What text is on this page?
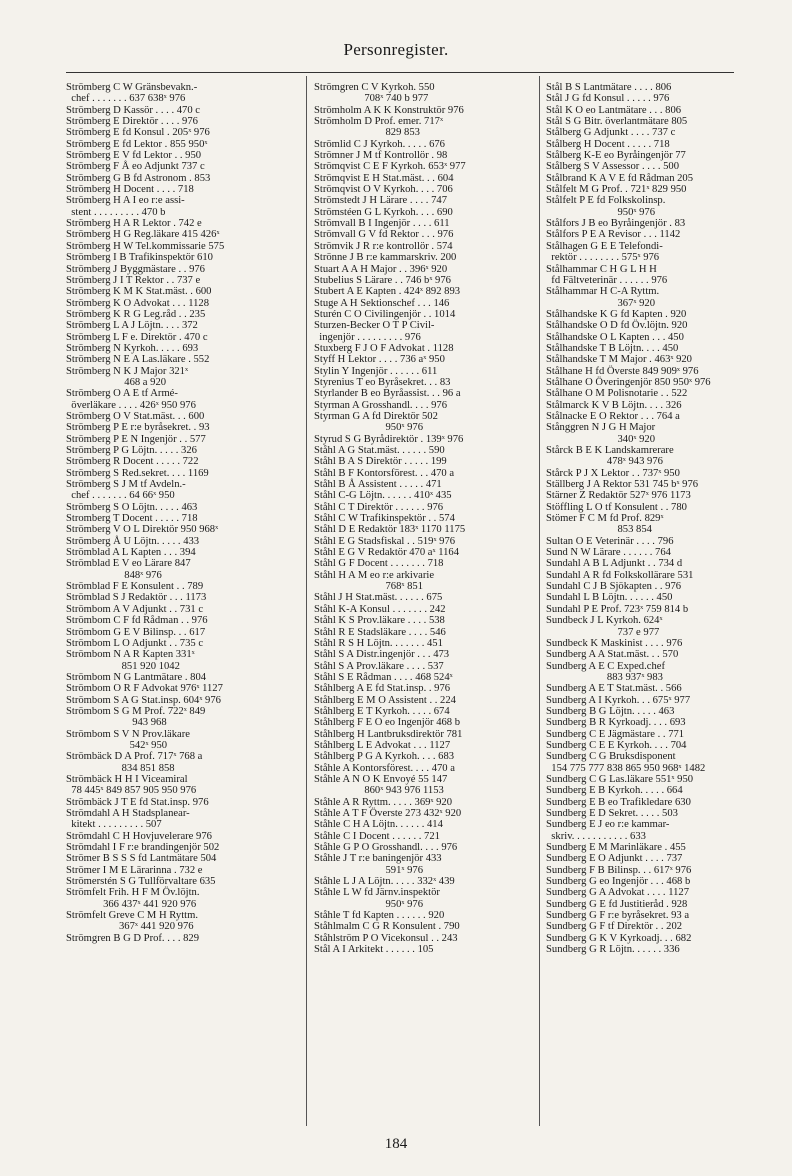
Personregister.
Strömberg C W Gränsbevakn.-
chef . . . . . . . 637 638ˣ 976
Strömberg D Kassör . . . . 470 c
Strömberg E Direktör . . . . 976
Strömberg E fd Konsul . 205ˣ 976
Strömberg E fd Lektor . 855 950ˣ
Strömberg E V fd Lektor . . 950
Strömberg F Å eo Adjunkt 737 c
Strömberg G B fd Astronom . 853
Strömberg H Docent . . . . 718
Strömberg H A I eo r:e assi-
stent . . . . . . . . . 470 b
Strömberg H A R Lektor . 742 e
Strömberg H G Reg.läkare 415 426ˣ
Strömberg H W Tel.kommissarie 575
Strömberg I B Trafikinspektör 610
Strömberg J Byggmästare . . 976
Strömberg J I T Rektor . . 737 e
Strömberg K M K Stat.mäst. . 600
Strömberg K O Advokat . . . 1128
Strömberg K R G Leg.råd . . 235
Strömberg L A J Löjtn. . . . 372
Strömberg L F e. Direktör . 470 c
Strömberg N Kyrkoh. . . . . 693
Strömberg N E A Las.läkare . 552
Strömberg N K J Major 321ˣ
468 a 920
Strömberg O A E tf Armé-
överläkare . . . . 426ˣ 950 976
Strömberg O V Stat.mäst. . . 600
Strömberg P E r:e byråsekret. . 93
Strömberg P E N Ingenjör . . 577
Strömberg P G Löjtn. . . . . 326
Strömberg R Docent . . . . . 722
Strömberg S Red.sekret. . . . 1169
Strömberg S J M tf Avdeln.-
chef . . . . . . . 64 66ˣ 950
Strömberg S O Löjtn. . . . . 463
Stromberg T Docent . . . . . 718
Strömberg V O L Direktör 950 968ˣ
Strömberg Å U Löjtn. . . . . 433
Strömblad A L Kapten . . . 394
Strömblad E V eo Lärare 847
848ˣ 976
Strömblad F E Konsulent . . 789
Strömblad S J Redaktör . . . 1173
Strömbom A V Adjunkt . . 731 c
Strömbom C F fd Rådman . . 976
Strömbom G E V Bilinsp. . . 617
Strömbom L O Adjunkt . . 735 c
Strömbom N A R Kapten 331ˣ
851 920 1042
Strömbom N G Lantmätare . 804
Strömbom O R F Advokat 976ˣ 1127
Strömbom S A G Stat.insp. 604ˣ 976
Strömbom S G M Prof. 722ˣ 849
943 968
Strömbom S V N Prov.läkare
542ˣ 950
Strömbäck D A Prof. 717ˣ 768 a
834 851 858
Strömbäck H H I Viceamiral
78 445ˣ 849 857 905 950 976
Strömbäck J T E fd Stat.insp. 976
Strömdahl A H Stadsplanear-
kitekt . . . . . . . . . 507
Strömdahl C H Hovjuvelerare 976
Strömdahl I F r:e brandingenjör 502
Strömer B S S S fd Lantmätare 504
Strömer I M E Lärarinna . 732 e
Strömerstén S G Tullförvaltare 635
Strömfelt Frih. H F M Öv.löjtn.
366 437ˣ 441 920 976
Strömfelt Greve C M H Ryttm.
367ˣ 441 920 976
Strömgren B G D Prof. . . . 829
Strömgren C V Kyrkoh. 550
708ˣ 740 b 977
Strömholm A K K Konstruktör 976
Strömholm D Prof. emer. 717ˣ
829 853
Strömlid C J Kyrkoh. . . . . 676
Strömner J M tf Kontrollör . 98
Strömqvist C E F Kyrkoh. 653ˣ 977
Strömqvist E H Stat.mäst. . . 604
Strömqvist O V Kyrkoh. . . . 706
Strömstedt J H Lärare . . . . 747
Strömstéen G L Kyrkoh. . . . 690
Strömvall B I Ingenjör . . . . 611
Strömvall G V fd Rektor . . . 976
Strömvik J R r:e kontrollör . 574
Strönne J B r:e kammarskriv. 200
Stuart A A H Major . . 396ˣ 920
Stubelius S Lärare . . 746 bˣ 976
Stubert A E Kapten . 424ˣ 892 893
Stuge A H Sektionschef . . . 146
Sturén C O Civilingenjör . . 1014
Sturzen-Becker O T P Civil-
ingenjör . . . . . . . . . 976
Stuxberg F J O F Advokat . 1128
Styff H Lektor . . . . 736 aˣ 950
Stylin Y Ingenjör . . . . . . 611
Styrenius T eo Byråsekret. . . 83
Styrlander B eo Byråassist. . . 96 a
Styrman A Grosshandl. . . . 976
Styrman G A fd Direktör 502
950ˣ 976
Styrud S G Byrådirektör . 139ˣ 976
Ståhl A G Stat.mäst. . . . . . 590
Ståhl B A S Direktör . . . . . 199
Ståhl B F Kontorsförest. . . 470 a
Ståhl B Å Assistent . . . . . 471
Ståhl C-G Löjtn. . . . . . 410ˣ 435
Ståhl C T Direktör . . . . . . 976
Ståhl C W Trafikinspektör . . 574
Ståhl D E Redaktör 183ˣ 1170 1175
Ståhl E G Stadsfiskal . . 519ˣ 976
Ståhl E G V Redaktör 470 aˣ 1164
Ståhl G F Docent . . . . . . . 718
Ståhl H A M eo r:e arkivarie
768ˣ 851
Ståhl J H Stat.mäst. . . . . . 675
Ståhl K-A Konsul . . . . . . . 242
Ståhl K S Prov.läkare . . . . 538
Ståhl R E Stadsläkare . . . . 546
Ståhl R S H Löjtn. . . . . . . 451
Ståhl S A Distr.ingenjör . . . 473
Ståhl S A Prov.läkare . . . . 537
Ståhl S E Rådman . . . . 468 524ˣ
Ståhlberg A E fd Stat.insp. . 976
Ståhlberg E M O Assistent . . 224
Ståhlberg E T Kyrkoh. . . . . 674
Ståhlberg F E O eo Ingenjör 468 b
Ståhlberg H Lantbruksdirektör 781
Ståhlberg L E Advokat . . . 1127
Ståhlberg P G A Kyrkoh. . . . 683
Ståhle A Kontorsförest. . . . 470 a
Ståhle A N O K Envoyé 55 147
860ˣ 943 976 1153
Ståhle A R Ryttm. . . . . 369ˣ 920
Ståhle A T F Överste 273 432ˣ 920
Ståhle C H A Löjtn. . . . . . 414
Ståhle C I Docent . . . . . . 721
Ståhle G P O Grosshandl. . . . 976
Ståhle J T r:e baningenjör 433
591ˣ 976
Ståhle L J A Löjtn. . . . . 332ˣ 439
Ståhle L W fd Järnv.inspektör
950ˣ 976
Ståhle T fd Kapten . . . . . . 920
Ståhlmalm C G R Konsulent . 790
Ståhlström P O Vicekonsul . . 243
Stål A I Arkitekt . . . . . . 105
Stål B S Lantmätare . . . . 806
Stål J G fd Konsul . . . . . 976
Stål K O eo Lantmätare . . . 806
Stål S G Bitr. överlantmätare 805
Stålberg G Adjunkt . . . . 737 c
Stålberg H Docent . . . . . 718
Stålberg K-E eo Byråingenjör 77
Stålberg S V Assessor . . . . 500
Stålbrand K A V E fd Rådman 205
Stålfelt M G Prof. . 721ˣ 829 950
Stålfelt P E fd Folkskolinsp.
950ˣ 976
Stålfors J B eo Byråingenjör . 83
Stålfors P E A Revisor . . . 1142
Stålhagen G E E Telefondi-
rektör . . . . . . . . 575ˣ 976
Stålhammar C H G L H H
fd Fältveterinär . . . . . . 976
Stålhammar H C-A Ryttm.
367ˣ 920
Stålhandske K G fd Kapten . 920
Stålhandske O D fd Öv.löjtn. 920
Stålhandske O L Kapten . . . 450
Stålhandske T B Löjtn. . . . 450
Stålhandske T M Major . 463ˣ 920
Stålhane H fd Överste 849 909ˣ 976
Stålhane O Överingenjör 850 950ˣ 976
Stålhane O M Polisnotarie . . 522
Stålmarck K V B Löjtn. . . . 326
Stålnacke E O Rektor . . . 764 a
Stånggren N J G H Major
340ˣ 920
Stårck B E K Landskamrerare
478ˣ 943 976
Stårck P J X Lektor . . 737ˣ 950
Ställberg J A Rektor 531 745 bˣ 976
Stärner Z Redaktör 527ˣ 976 1173
Stöffling L O tf Konsulent . . 780
Stömer F C M fd Prof. 829ˣ
853 854
Sultan O E Veterinär . . . . 796
Sund N W Lärare . . . . . . 764
Sundahl A B L Adjunkt . . 734 d
Sundahl A R fd Folkskollärare 531
Sundahl C J B Sjökapten . . 976
Sundahl L B Löjtn. . . . . . 450
Sundahl P E Prof. 723ˣ 759 814 b
Sundbeck J L Kyrkoh. 624ˣ
737 e 977
Sundbeck K Maskinist . . . . 976
Sundberg A A Stat.mäst. . . 570
Sundberg A E C Exped.chef
883 937ˣ 983
Sundberg A E T Stat.mäst. . 566
Sundberg A I Kyrkoh. . . 675ˣ 977
Sundberg B G Löjtn. . . . . 463
Sundberg B R Kyrkoadj. . . . 693
Sundberg C E Jägmästare . . 771
Sundberg C E E Kyrkoh. . . . 704
Sundberg C G Bruksdisponent
154 775 777 838 865 950 968ˣ 1482
Sundberg C G Las.läkare 551ˣ 950
Sundberg E B Kyrkoh. . . . . 664
Sundberg E B eo Trafikledare 630
Sundberg E D Sekret. . . . . 503
Sundberg E J eo r:e kammar-
skriv. . . . . . . . . . . 633
Sundberg E M Marinläkare . 455
Sundberg E O Adjunkt . . . . 737
Sundberg F B Bilinsp. . . 617ˣ 976
Sundberg G eo Ingenjör . . . 468 b
Sundberg G A Advokat . . . . 1127
Sundberg G E fd Justitieråd . 928
Sundberg G F r:e byråsekret. 93 a
Sundberg G F tf Direktör . . 202
Sundberg G K V Kyrkoadj. . . 682
Sundberg G R Löjtn. . . . . . 336
184
